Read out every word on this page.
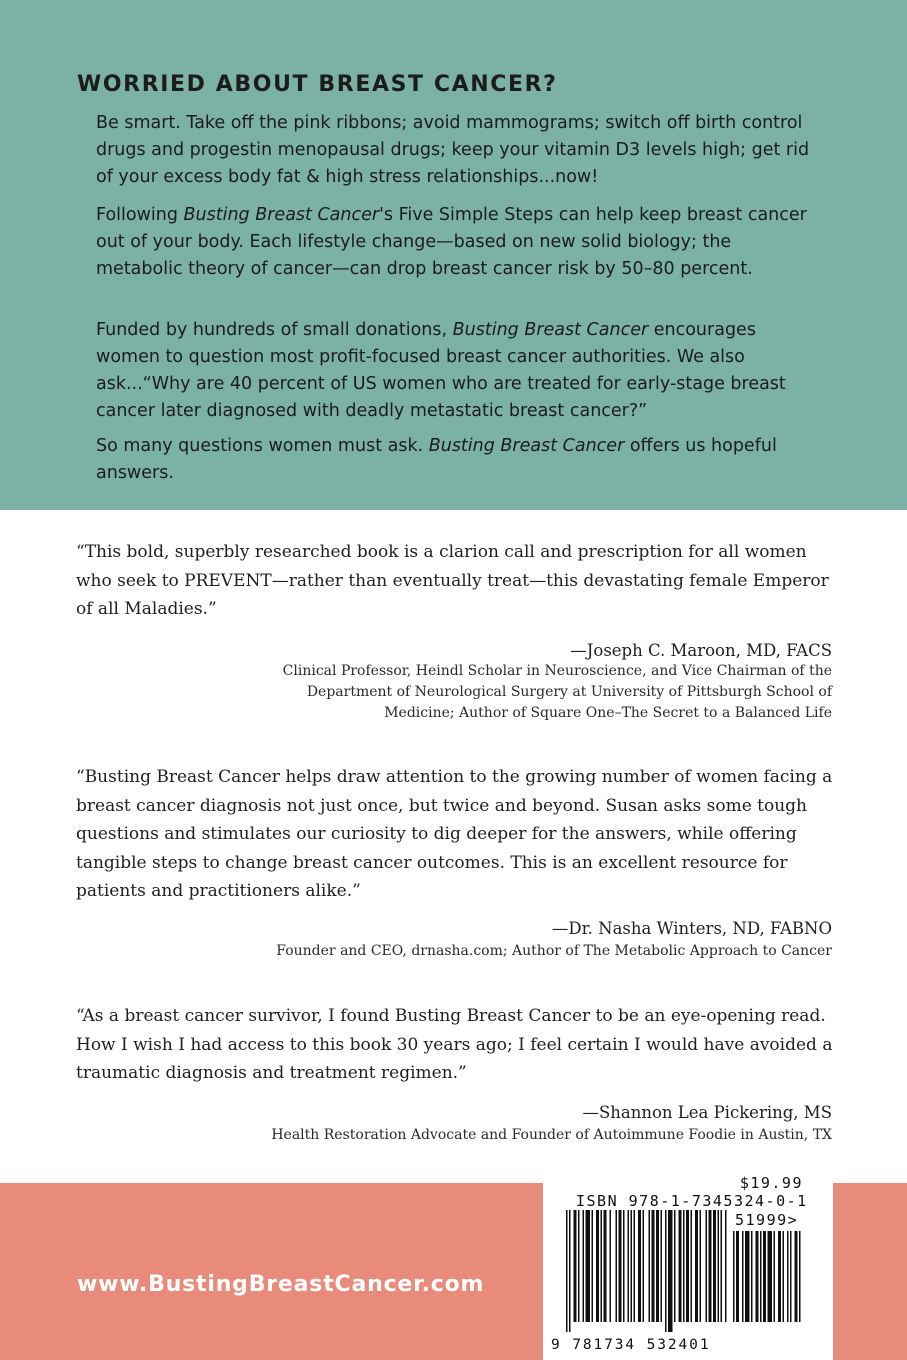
WORRIED ABOUT BREAST CANCER?

Be smart. Take off the pink ribbons; avoid mammograms; switch off birth control drugs and progestin menopausal drugs; keep your vitamin D3 levels high; get rid of your excess body fat & high stress relationships...now!

Following Busting Breast Cancer's Five Simple Steps can help keep breast cancer out of your body. Each lifestyle change—based on new solid biology; the metabolic theory of cancer—can drop breast cancer risk by 50–80 percent.

Funded by hundreds of small donations, Busting Breast Cancer encourages women to question most profit-focused breast cancer authorities. We also ask...“Why are 40 percent of US women who are treated for early-stage breast cancer later diagnosed with deadly metastatic breast cancer?”

So many questions women must ask. Busting Breast Cancer offers us hopeful answers.

“This bold, superbly researched book is a clarion call and prescription for all women who seek to PREVENT—rather than eventually treat—this devastating female Emperor of all Maladies.”

—Joseph C. Maroon, MD, FACS

Clinical Professor, Heindl Scholar in Neuroscience, and Vice Chairman of the Department of Neurological Surgery at University of Pittsburgh School of Medicine; Author of Square One–The Secret to a Balanced Life

“Busting Breast Cancer helps draw attention to the growing number of women facing a breast cancer diagnosis not just once, but twice and beyond. Susan asks some tough questions and stimulates our curiosity to dig deeper for the answers, while offering tangible steps to change breast cancer outcomes. This is an excellent resource for patients and practitioners alike.”

—Dr. Nasha Winters, ND, FABNO

Founder and CEO, drnasha.com; Author of The Metabolic Approach to Cancer

“As a breast cancer survivor, I found Busting Breast Cancer to be an eye-opening read. How I wish I had access to this book 30 years ago; I feel certain I would have avoided a traumatic diagnosis and treatment regimen.”

—Shannon Lea Pickering, MS

Health Restoration Advocate and Founder of Autoimmune Foodie in Austin, TX

www.BustingBreastCancer.com
$19.99
ISBN 978-1-7345324-0-1
51999>
9 781734 532401
